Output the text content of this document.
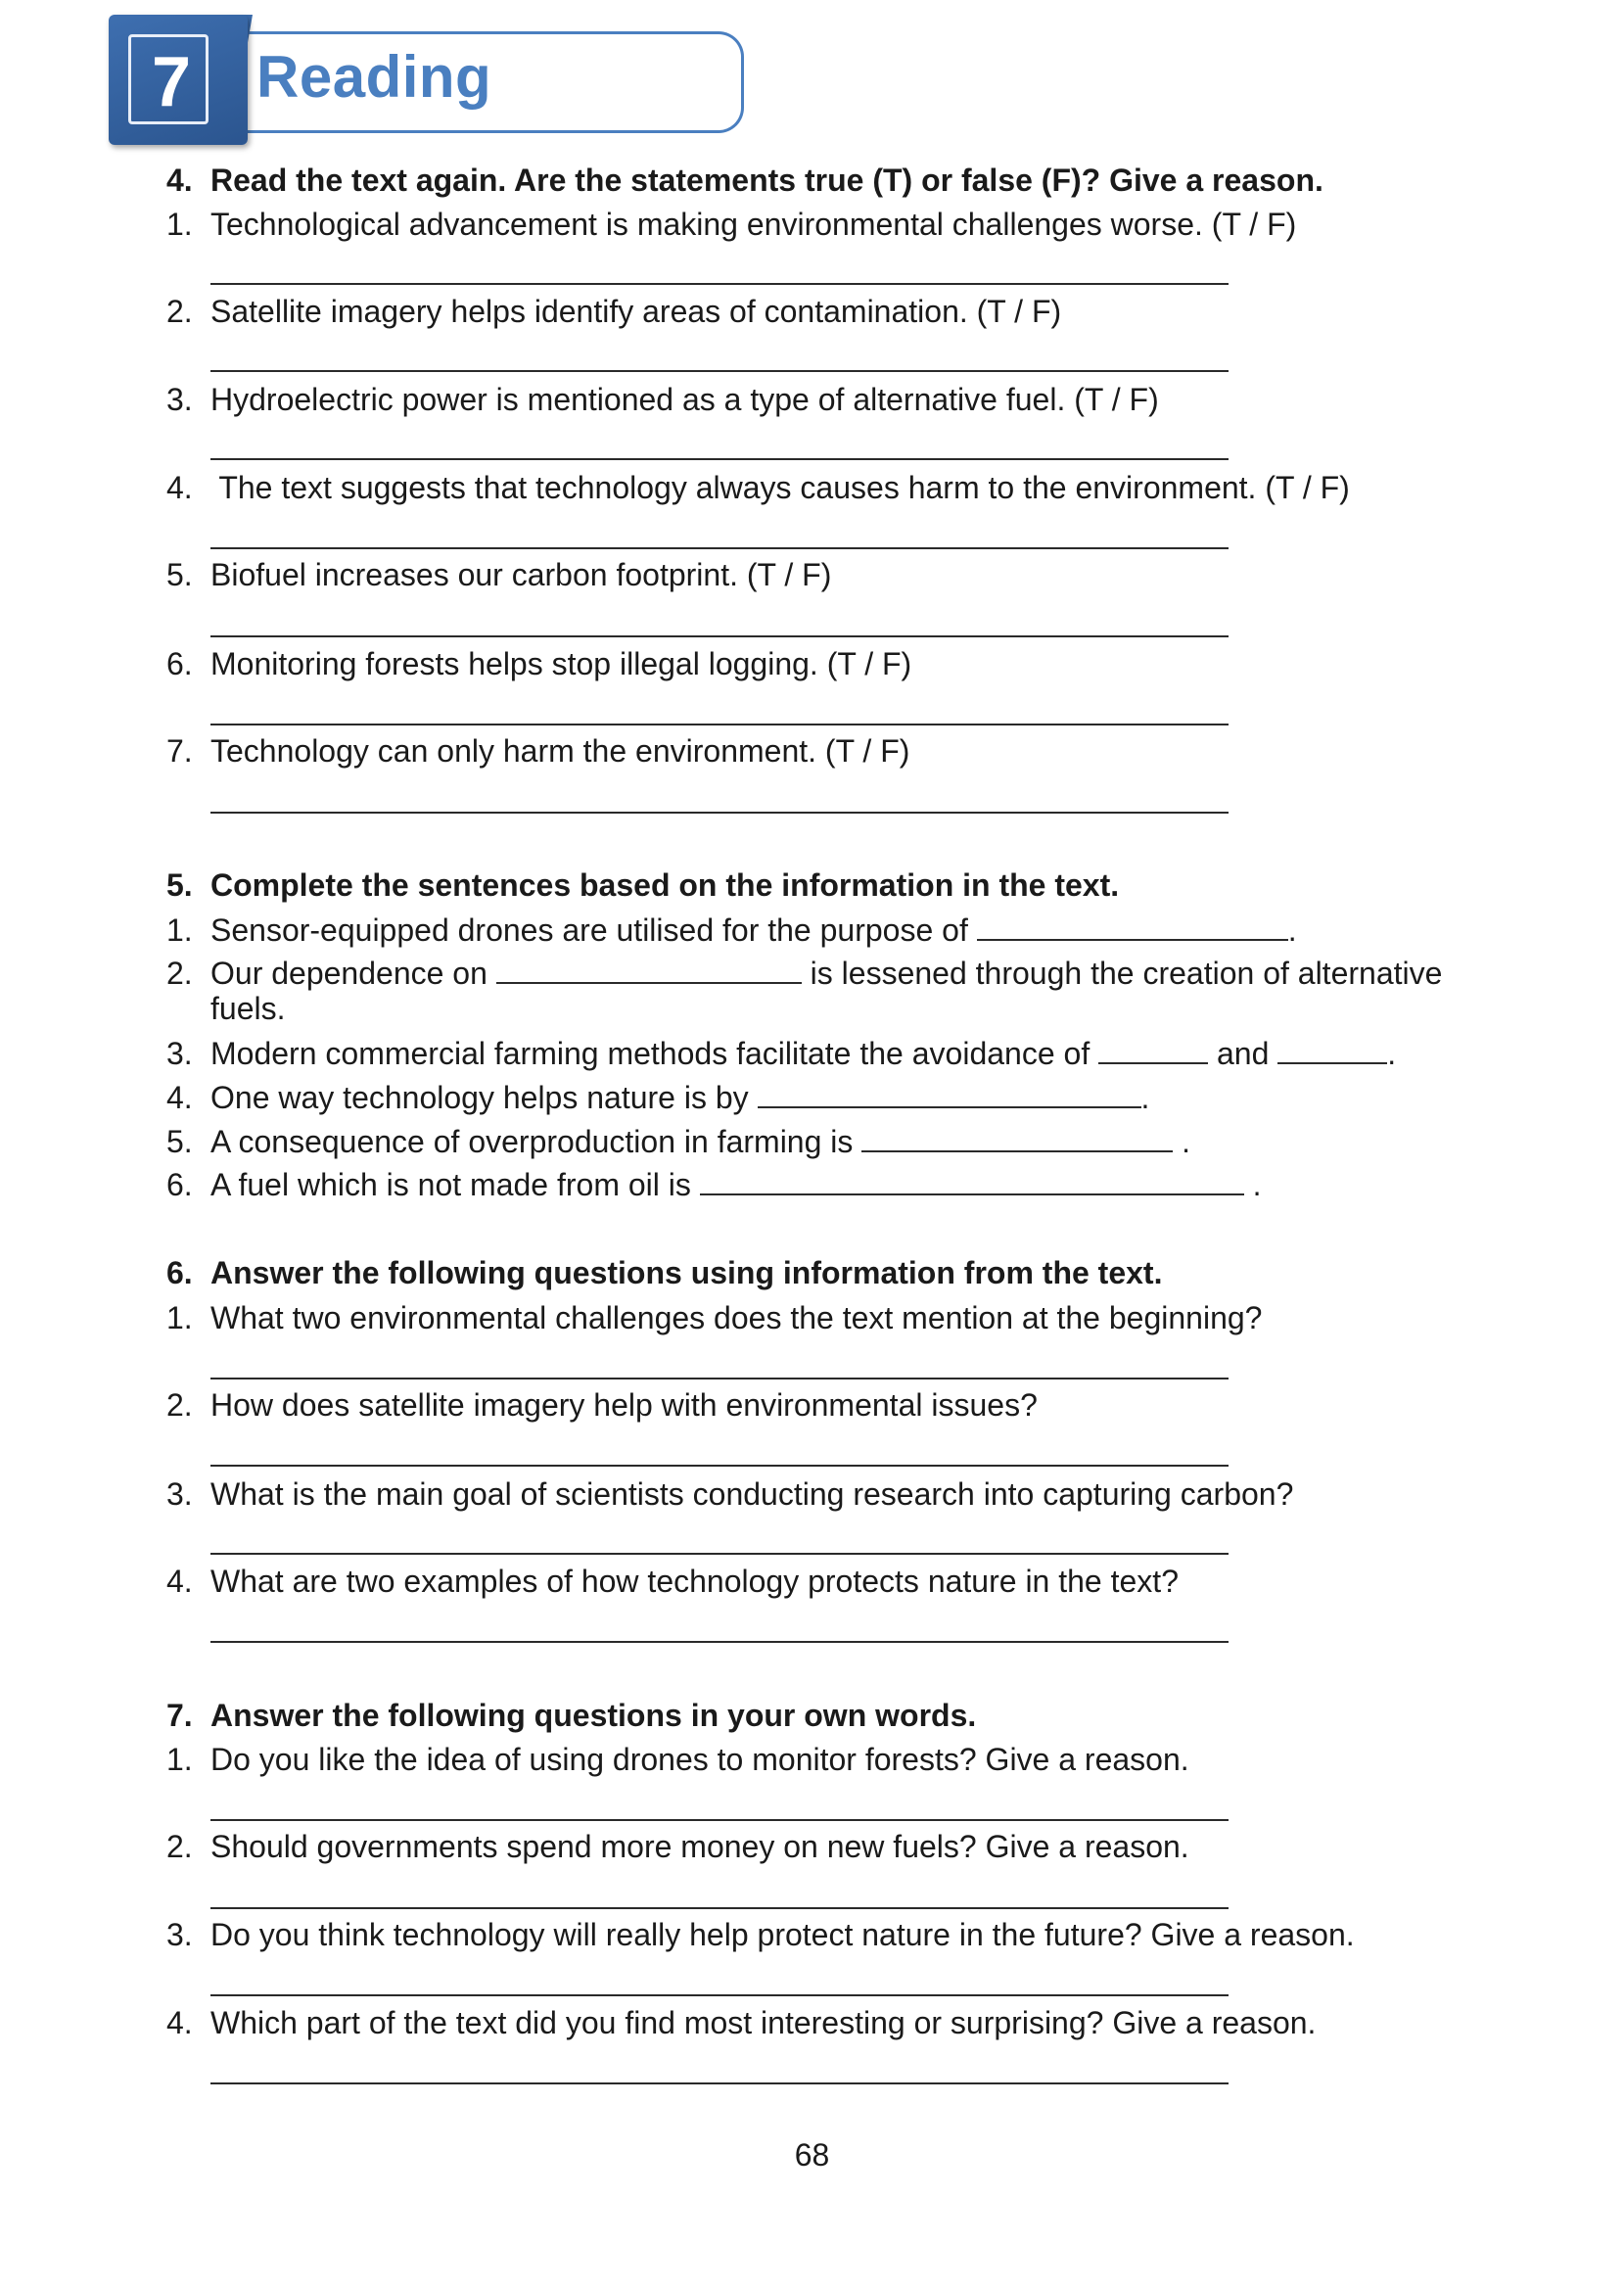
7	Reading
4. Read the text again. Are the statements true (T) or false (F)? Give a reason.
1. Technological advancement is making environmental challenges worse. (T / F)
2. Satellite imagery helps identify areas of contamination. (T / F)
3. Hydroelectric power is mentioned as a type of alternative fuel. (T / F)
4. The text suggests that technology always causes harm to the environment. (T / F)
5. Biofuel increases our carbon footprint. (T / F)
6. Monitoring forests helps stop illegal logging. (T / F)
7. Technology can only harm the environment. (T / F)
5. Complete the sentences based on the information in the text.
1. Sensor-equipped drones are utilised for the purpose of	.
2. Our dependence on	is lessened through the creation of alternative
fuels.
3. Modern commercial farming methods facilitate the avoidance of	and	.
4. One way technology helps nature is by	.
5. A consequence of overproduction in farming is	.
6. A fuel which is not made from oil is	.
6. Answer the following questions using information from the text.
1. What two environmental challenges does the text mention at the beginning?
2. How does satellite imagery help with environmental issues?
3. What is the main goal of scientists conducting research into capturing carbon?
4. What are two examples of how technology protects nature in the text?
7. Answer the following questions in your own words.
1. Do you like the idea of using drones to monitor forests? Give a reason.
2. Should governments spend more money on new fuels? Give a reason.
3. Do you think technology will really help protect nature in the future? Give a reason.
4. Which part of the text did you find most interesting or surprising? Give a reason.
68
